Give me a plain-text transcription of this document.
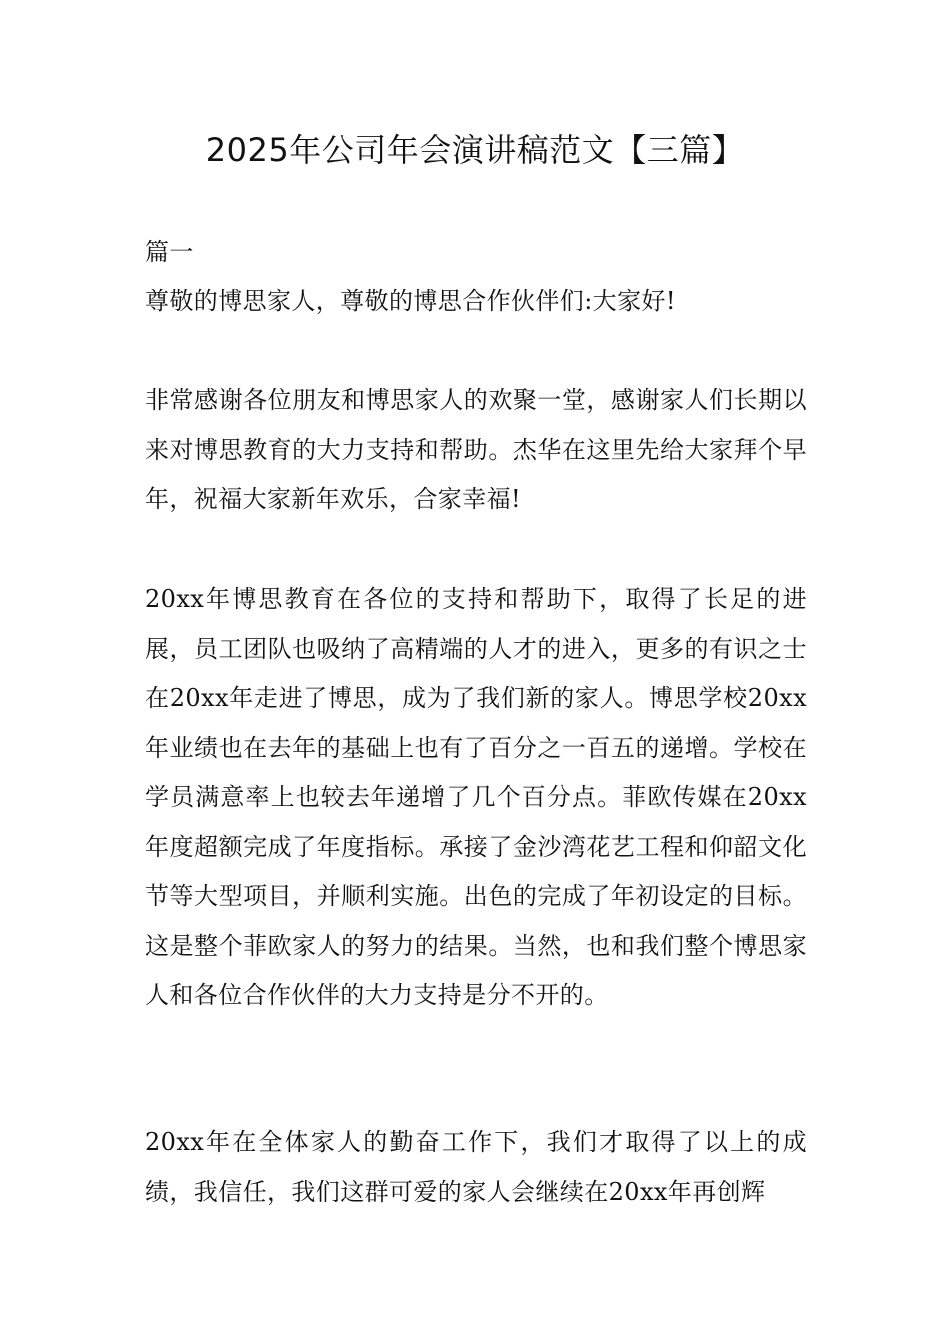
2025年公司年会演讲稿范文【三篇】
篇一
尊敬的博思家人，尊敬的博思合作伙伴们:大家好!
非常感谢各位朋友和博思家人的欢聚一堂，感谢家人们长期以来对博思教育的大力支持和帮助。杰华在这里先给大家拜个早年，祝福大家新年欢乐，合家幸福!
20xx年博思教育在各位的支持和帮助下，取得了长足的进展，员工团队也吸纳了高精端的人才的进入，更多的有识之士在20xx年走进了博思，成为了我们新的家人。博思学校20xx年业绩也在去年的基础上也有了百分之一百五的递增。学校在学员满意率上也较去年递增了几个百分点。菲欧传媒在20xx年度超额完成了年度指标。承接了金沙湾花艺工程和仰韶文化节等大型项目，并顺利实施。出色的完成了年初设定的目标。这是整个菲欧家人的努力的结果。当然，也和我们整个博思家人和各位合作伙伴的大力支持是分不开的。
20xx年在全体家人的勤奋工作下，我们才取得了以上的成绩，我信任，我们这群可爱的家人会继续在20xx年再创辉
